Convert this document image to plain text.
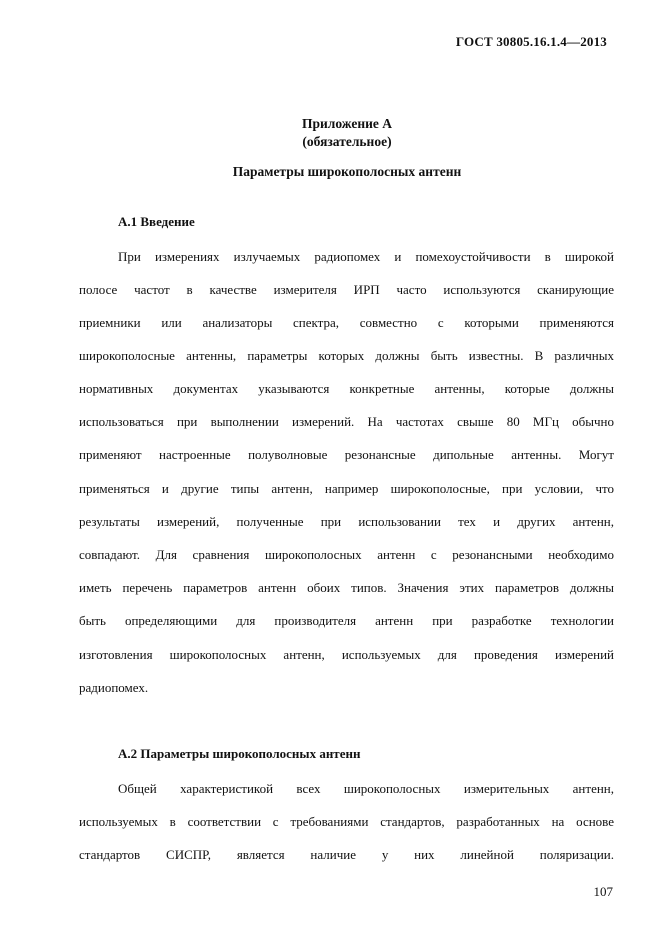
ГОСТ 30805.16.1.4—2013
Приложение А
(обязательное)
Параметры широкополосных антенн
А.1 Введение
При измерениях излучаемых радиопомех и помехоустойчивости в широкой
полосе частот в качестве измерителя ИРП часто используются сканирующие
приемники или анализаторы спектра, совместно с которыми применяются
широкополосные антенны, параметры которых должны быть известны. В различных
нормативных документах указываются конкретные антенны, которые должны
использоваться при выполнении измерений. На частотах свыше 80 МГц обычно
применяют настроенные полуволновые резонансные дипольные антенны. Могут
применяться и другие типы антенн, например широкополосные, при условии, что
результаты измерений, полученные при использовании тех и других антенн,
совпадают. Для сравнения широкополосных антенн с резонансными необходимо
иметь перечень параметров антенн обоих типов. Значения этих параметров должны
быть определяющими для производителя антенн при разработке технологии
изготовления широкополосных антенн, используемых для проведения измерений
радиопомех.
А.2 Параметры широкополосных антенн
Общей характеристикой всех широкополосных измерительных антенн,
используемых в соответствии с требованиями стандартов, разработанных на основе
стандартов СИСПР, является наличие у них линейной поляризации.
107
